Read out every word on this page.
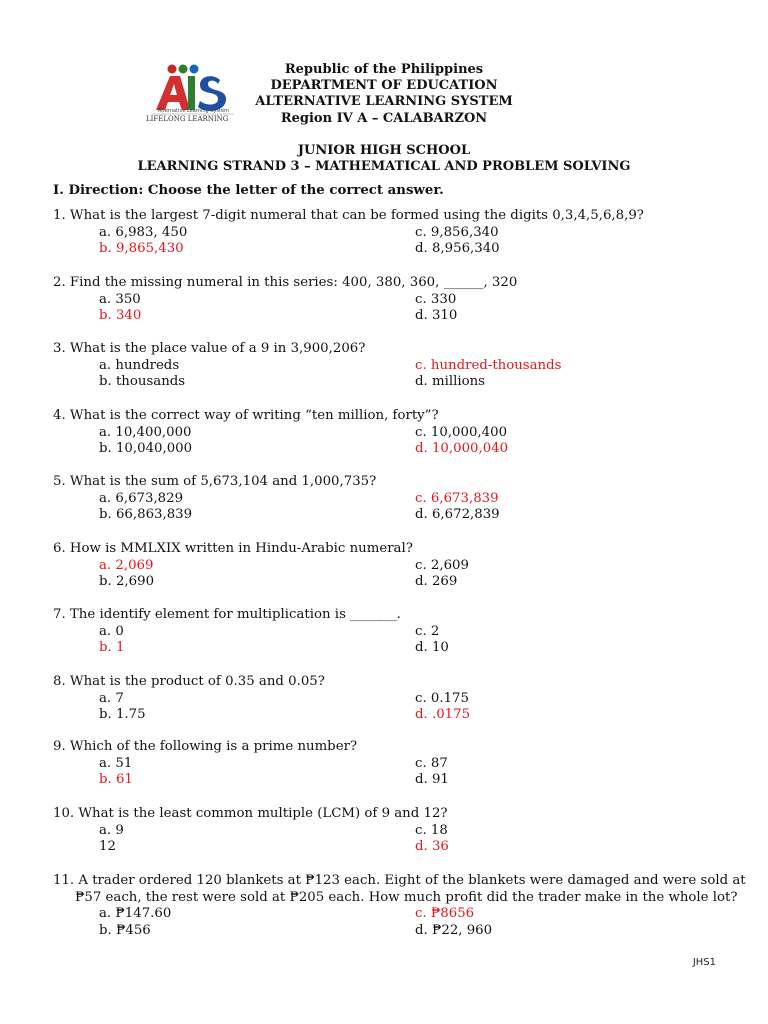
Alternative Learning System
LIFELONG LEARNING
Republic of the Philippines
DEPARTMENT OF EDUCATION
ALTERNATIVE LEARNING SYSTEM
Region IV A – CALABARZON
JUNIOR HIGH SCHOOL
LEARNING STRAND 3 – MATHEMATICAL AND PROBLEM SOLVING
I. Direction: Choose the letter of the correct answer.
1. What is the largest 7-digit numeral that can be formed using the digits 0,3,4,5,6,8,9?
a. 6,983, 450	c. 9,856,340
b. 9,865,430	d. 8,956,340
2. Find the missing numeral in this series: 400, 380, 360, ______, 320
a. 350	c. 330
b. 340	d. 310
3. What is the place value of a 9 in 3,900,206?
a. hundreds	c. hundred-thousands
b. thousands	d. millions
4. What is the correct way of writing “ten million, forty”?
a. 10,400,000	c. 10,000,400
b. 10,040,000	d. 10,000,040
5. What is the sum of 5,673,104 and 1,000,735?
a. 6,673,829	c. 6,673,839
b. 66,863,839	d. 6,672,839
6. How is MMLXIX written in Hindu-Arabic numeral?
a. 2,069	c. 2,609
b. 2,690	d. 269
7. The identify element for multiplication is _______.
a. 0	c. 2
b. 1	d. 10
8. What is the product of 0.35 and 0.05?
a. 7	c. 0.175
b. 1.75	d. .0175
9. Which of the following is a prime number?
a. 51	c. 87
b. 61	d. 91
10. What is the least common multiple (LCM) of 9 and 12?
a. 9	c. 18
12	d. 36
11. A trader ordered 120 blankets at ₱123 each. Eight of the blankets were damaged and were sold at
₱57 each, the rest were sold at ₱205 each. How much profit did the trader make in the whole lot?
a. ₱147.60	c. ₱8656
b. ₱456	d. ₱22, 960
JHS1
